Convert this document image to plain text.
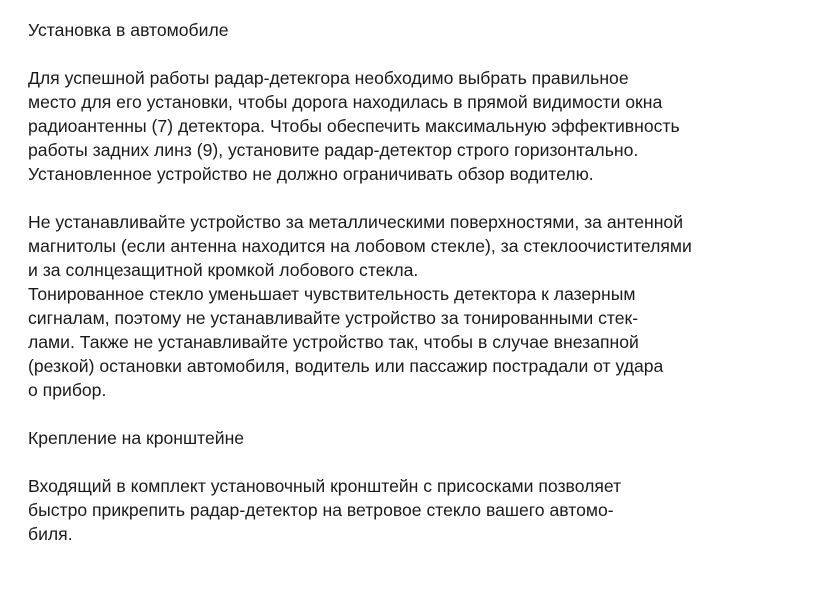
Установка в автомобиле
Для успешной работы радар-детекгора необходимо выбрать правильное
место для его установки, чтобы дорога находилась в прямой видимости окна
радиоантенны (7) детектора. Чтобы обеспечить максимальную эффективность
работы задних линз (9), установите радар-детектор строго горизонтально.
Установленное устройство не должно ограничивать обзор водителю.
Не устанавливайте устройство за металлическими поверхностями, за антенной
магнитолы (если антенна находится на лобовом стекле), за стеклоочистителями
и за солнцезащитной кромкой лобового стекла.
Тонированное стекло уменьшает чувствительность детектора к лазерным
сигналам, поэтому не устанавливайте устройство за тонированными стек-
лами. Также не устанавливайте устройство так, чтобы в случае внезапной
(резкой) остановки автомобиля, водитель или пассажир пострадали от удара
о прибор.
Крепление на кронштейне
Входящий в комплект установочный кронштейн с присосками позволяет
быстро прикрепить радар-детектор на ветровое стекло вашего автомо-
биля.
